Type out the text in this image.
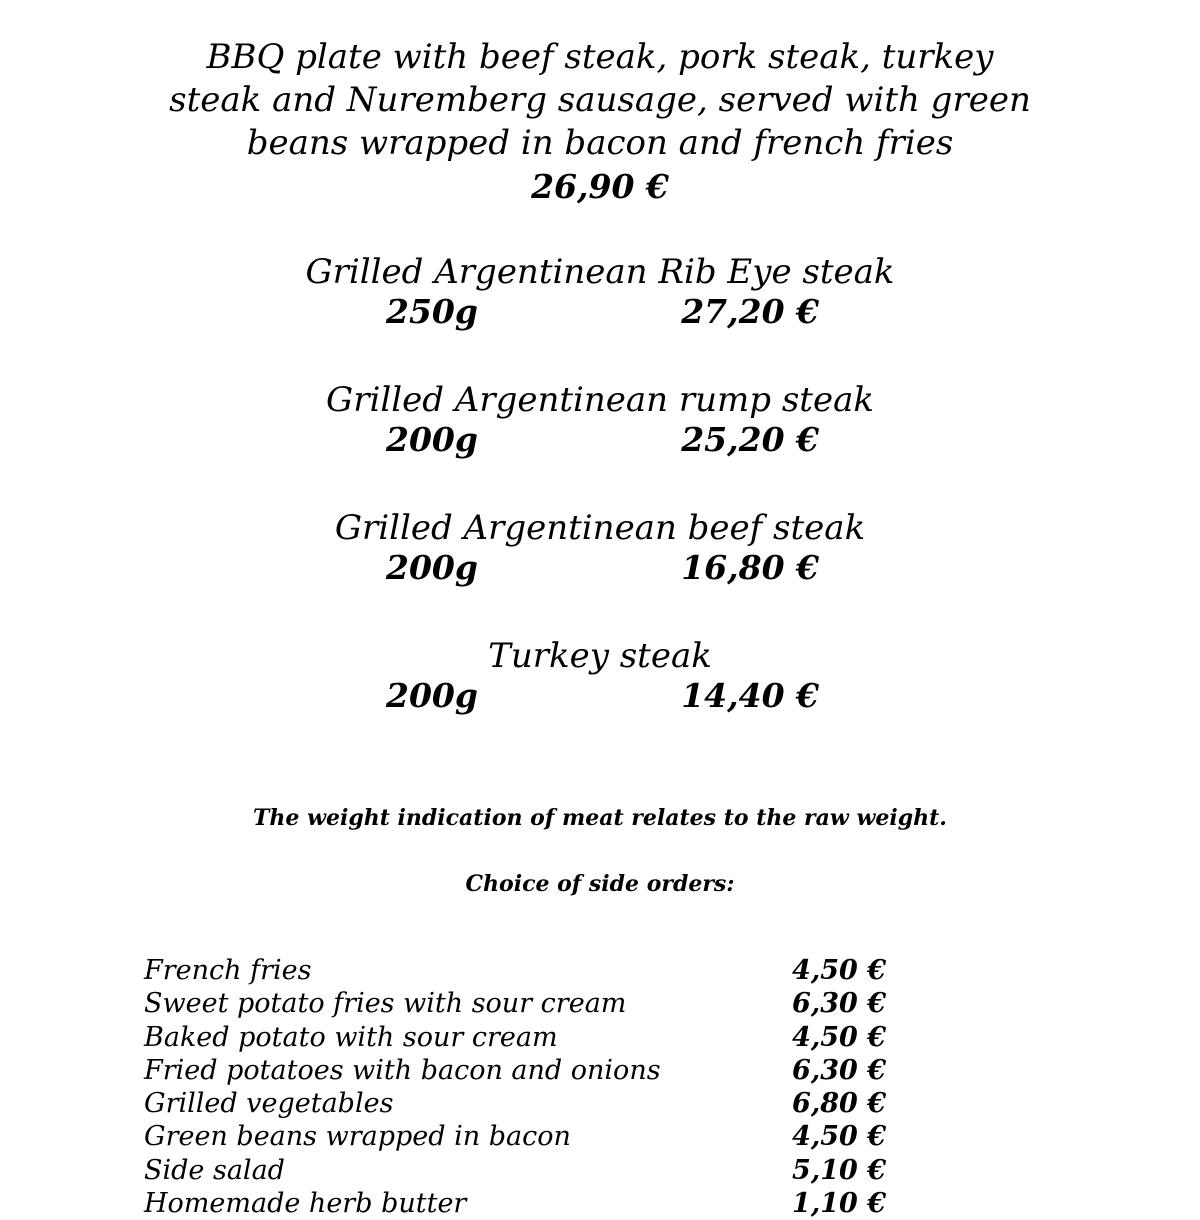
BBQ plate with beef steak, pork steak, turkey
steak and Nuremberg sausage, served with green
beans wrapped in bacon and french fries
26,90 €
Grilled Argentinean Rib Eye steak
250g	27,20 €
Grilled Argentinean rump steak
200g	25,20 €
Grilled Argentinean beef steak
200g	16,80 €
Turkey steak
200g	14,40 €
The weight indication of meat relates to the raw weight.
Choice of side orders:
French fries	4,50 €
Sweet potato fries with sour cream	6,30 €
Baked potato with sour cream	4,50 €
Fried potatoes with bacon and onions	6,30 €
Grilled vegetables	6,80 €
Green beans wrapped in bacon	4,50 €
Side salad	5,10 €
Homemade herb butter	1,10 €
